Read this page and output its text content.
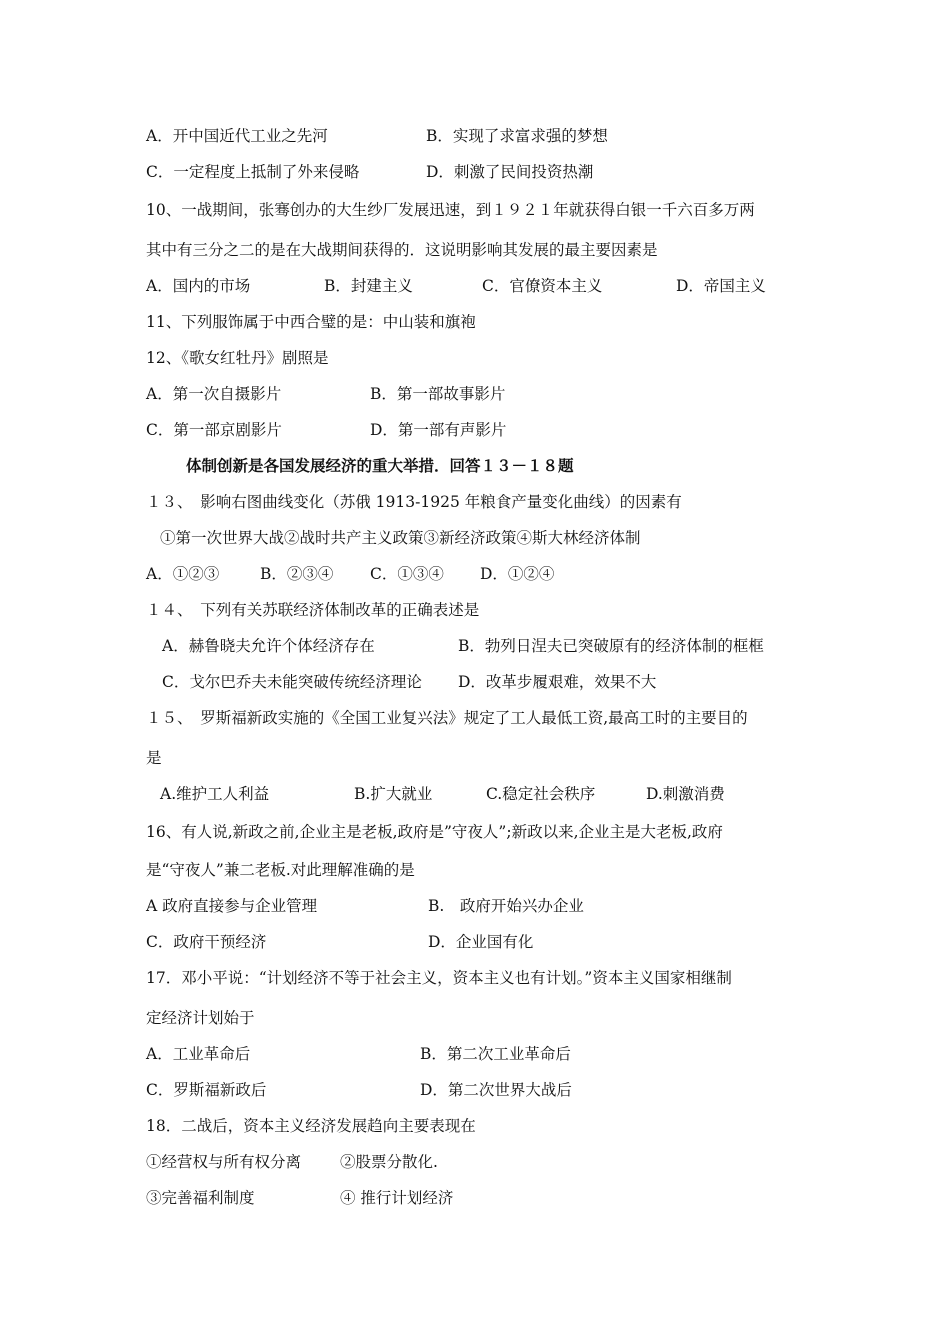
A．开中国近代工业之先河	B．实现了求富求强的梦想
C．一定程度上抵制了外来侵略	D．刺激了民间投资热潮
10、一战期间，张骞创办的大生纱厂发展迅速，到１９２１年就获得白银一千六百多万两
其中有三分之二的是在大战期间获得的．这说明影响其发展的最主要因素是
A．国内的市场	B．封建主义	C．官僚资本主义	D．帝国主义
11、下列服饰属于中西合璧的是：中山装和旗袍
12、《歌女红牡丹》剧照是
A．第一次自摄影片	B．第一部故事影片
C．第一部京剧影片	D．第一部有声影片
体制创新是各国发展经济的重大举措．回答１３－１８题
１３、　影响右图曲线变化（苏俄 1913-1925 年粮食产量变化曲线）的因素有
①第一次世界大战②战时共产主义政策③新经济政策④斯大林经济体制
A．①②③	B．②③④ C．①③④ D．①②④
１４、　下列有关苏联经济体制改革的正确表述是
A．赫鲁晓夫允许个体经济存在	B．勃列日涅夫已突破原有的经济体制的框框
C．戈尔巴乔夫未能突破传统经济理论 D．改革步履艰难，效果不大
１５、　罗斯福新政实施的《全国工业复兴法》规定了工人最低工资,最高工时的主要目的
是
A.维护工人利益	B.扩大就业	C.稳定社会秩序	D.刺激消费
16、有人说,新政之前,企业主是老板,政府是”守夜人”;新政以来,企业主是大老板,政府
是“守夜人”兼二老板.对此理解准确的是
A 政府直接参与企业管理	B.　政府开始兴办企业
C．政府干预经济	D．企业国有化
17．邓小平说：“计划经济不等于社会主义，资本主义也有计划。”资本主义国家相继制
定经济计划始于
A．工业革命后	B．第二次工业革命后
C．罗斯福新政后	D．第二次世界大战后
18．二战后，资本主义经济发展趋向主要表现在
①经营权与所有权分离	②股票分散化.
③完善福利制度	④ 推行计划经济
